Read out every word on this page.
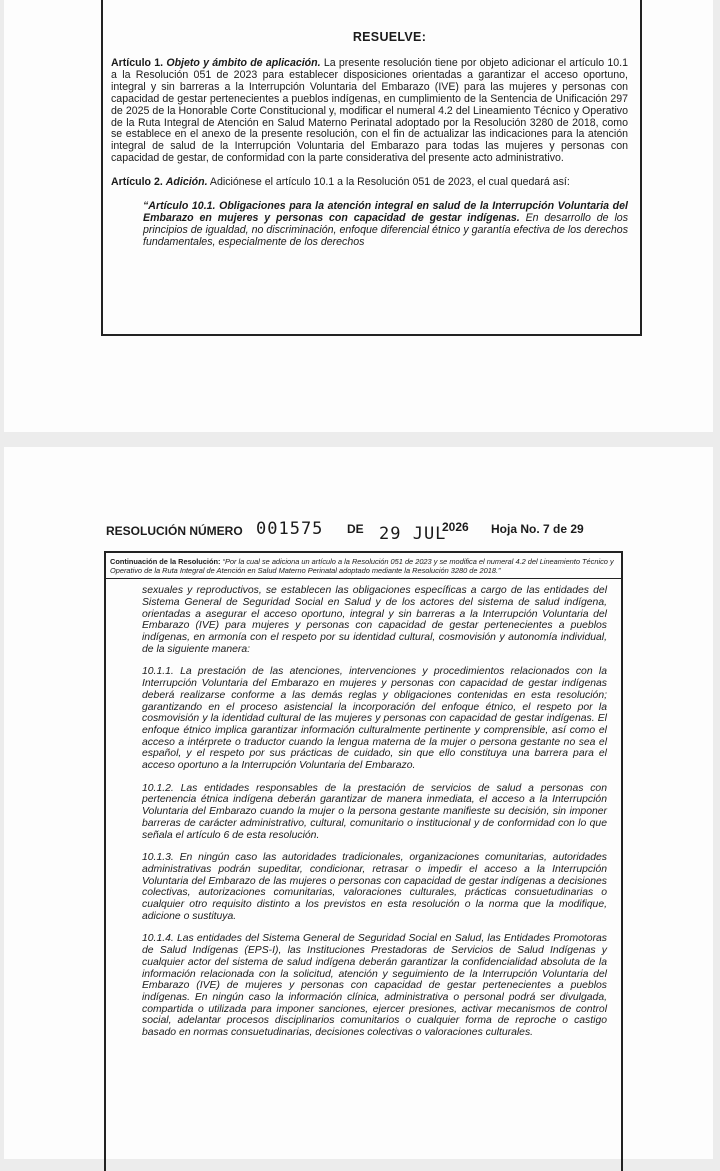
RESUELVE:

Artículo 1. Objeto y ámbito de aplicación. La presente resolución tiene por objeto adicionar el artículo 10.1 a la Resolución 051 de 2023 para establecer disposiciones orientadas a garantizar el acceso oportuno, integral y sin barreras a la Interrupción Voluntaria del Embarazo (IVE) para las mujeres y personas con capacidad de gestar pertenecientes a pueblos indígenas, en cumplimiento de la Sentencia de Unificación 297 de 2025 de la Honorable Corte Constitucional y, modificar el numeral 4.2 del Lineamiento Técnico y Operativo de la Ruta Integral de Atención en Salud Materno Perinatal adoptado por la Resolución 3280 de 2018, como se establece en el anexo de la presente resolución, con el fin de actualizar las indicaciones para la atención integral de salud de la Interrupción Voluntaria del Embarazo para todas las mujeres y personas con capacidad de gestar, de conformidad con la parte considerativa del presente acto administrativo.

Artículo 2. Adición. Adiciónese el artículo 10.1 a la Resolución 051 de 2023, el cual quedará así:

“Artículo 10.1. Obligaciones para la atención integral en salud de la Interrupción Voluntaria del Embarazo en mujeres y personas con capacidad de gestar indígenas. En desarrollo de los principios de igualdad, no discriminación, enfoque diferencial étnico y garantía efectiva de los derechos fundamentales, especialmente de los derechos

RESOLUCIÓN NÚMERO 001575 DE 29 JUL
2026 Hoja No. 7 de 29
Continuación de la Resolución: “Por la cual se adiciona un artículo a la Resolución 051 de 2023 y se modifica el numeral 4.2 del Lineamiento Técnico y Operativo de la Ruta Integral de Atención en Salud Materno Perinatal adoptado mediante la Resolución 3280 de 2018.”

sexuales y reproductivos, se establecen las obligaciones específicas a cargo de las entidades del Sistema General de Seguridad Social en Salud y de los actores del sistema de salud indígena, orientadas a asegurar el acceso oportuno, integral y sin barreras a la Interrupción Voluntaria del Embarazo (IVE) para mujeres y personas con capacidad de gestar pertenecientes a pueblos indígenas, en armonía con el respeto por su identidad cultural, cosmovisión y autonomía individual, de la siguiente manera:

10.1.1. La prestación de las atenciones, intervenciones y procedimientos relacionados con la Interrupción Voluntaria del Embarazo en mujeres y personas con capacidad de gestar indígenas deberá realizarse conforme a las demás reglas y obligaciones contenidas en esta resolución; garantizando en el proceso asistencial la incorporación del enfoque étnico, el respeto por la cosmovisión y la identidad cultural de las mujeres y personas con capacidad de gestar indígenas. El enfoque étnico implica garantizar información culturalmente pertinente y comprensible, así como el acceso a intérprete o traductor cuando la lengua materna de la mujer o persona gestante no sea el español, y el respeto por sus prácticas de cuidado, sin que ello constituya una barrera para el acceso oportuno a la Interrupción Voluntaria del Embarazo.

10.1.2. Las entidades responsables de la prestación de servicios de salud a personas con pertenencia étnica indígena deberán garantizar de manera inmediata, el acceso a la Interrupción Voluntaria del Embarazo cuando la mujer o la persona gestante manifieste su decisión, sin imponer barreras de carácter administrativo, cultural, comunitario o institucional y de conformidad con lo que señala el artículo 6 de esta resolución.

10.1.3. En ningún caso las autoridades tradicionales, organizaciones comunitarias, autoridades administrativas podrán supeditar, condicionar, retrasar o impedir el acceso a la Interrupción Voluntaria del Embarazo de las mujeres o personas con capacidad de gestar indígenas a decisiones colectivas, autorizaciones comunitarias, valoraciones culturales, prácticas consuetudinarias o cualquier otro requisito distinto a los previstos en esta resolución o la norma que la modifique, adicione o sustituya.

10.1.4. Las entidades del Sistema General de Seguridad Social en Salud, las Entidades Promotoras de Salud Indígenas (EPS-I), las Instituciones Prestadoras de Servicios de Salud Indígenas y cualquier actor del sistema de salud indígena deberán garantizar la confidencialidad absoluta de la información relacionada con la solicitud, atención y seguimiento de la Interrupción Voluntaria del Embarazo (IVE) de mujeres y personas con capacidad de gestar pertenecientes a pueblos indígenas. En ningún caso la información clínica, administrativa o personal podrá ser divulgada, compartida o utilizada para imponer sanciones, ejercer presiones, activar mecanismos de control social, adelantar procesos disciplinarios comunitarios o cualquier forma de reproche o castigo basado en normas consuetudinarias, decisiones colectivas o valoraciones culturales.
